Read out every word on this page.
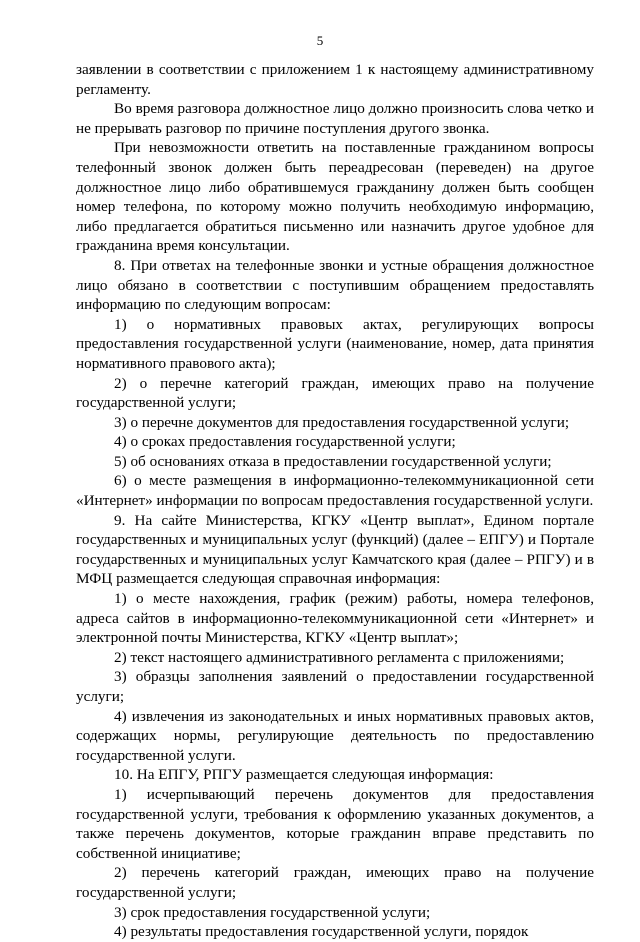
5

заявлении в соответствии с приложением 1 к настоящему административному регламенту.

Во время разговора должностное лицо должно произносить слова четко и не прерывать разговор по причине поступления другого звонка.

При невозможности ответить на поставленные гражданином вопросы телефонный звонок должен быть переадресован (переведен) на другое должностное лицо либо обратившемуся гражданину должен быть сообщен номер телефона, по которому можно получить необходимую информацию, либо предлагается обратиться письменно или назначить другое удобное для гражданина время консультации.

8. При ответах на телефонные звонки и устные обращения должностное лицо обязано в соответствии с поступившим обращением предоставлять информацию по следующим вопросам:

1) о нормативных правовых актах, регулирующих вопросы предоставления государственной услуги (наименование, номер, дата принятия нормативного правового акта);

2) о перечне категорий граждан, имеющих право на получение государственной услуги;

3) о перечне документов для предоставления государственной услуги;

4) о сроках предоставления государственной услуги;

5) об основаниях отказа в предоставлении государственной услуги;

6) о месте размещения в информационно-телекоммуникационной сети «Интернет» информации по вопросам предоставления государственной услуги.

9. На сайте Министерства, КГКУ «Центр выплат», Едином портале государственных и муниципальных услуг (функций) (далее – ЕПГУ) и Портале государственных и муниципальных услуг Камчатского края (далее – РПГУ) и в МФЦ размещается следующая справочная информация:

1) о месте нахождения, график (режим) работы, номера телефонов, адреса сайтов в информационно-телекоммуникационной сети «Интернет» и электронной почты Министерства, КГКУ «Центр выплат»;

2) текст настоящего административного регламента с приложениями;

3) образцы заполнения заявлений о предоставлении государственной услуги;

4) извлечения из законодательных и иных нормативных правовых актов, содержащих нормы, регулирующие деятельность по предоставлению государственной услуги.

10. На ЕПГУ, РПГУ размещается следующая информация:

1) исчерпывающий перечень документов для предоставления государственной услуги, требования к оформлению указанных документов, а также перечень документов, которые гражданин вправе представить по собственной инициативе;

2) перечень категорий граждан, имеющих право на получение государственной услуги;

3) срок предоставления государственной услуги;

4) результаты предоставления государственной услуги, порядок
